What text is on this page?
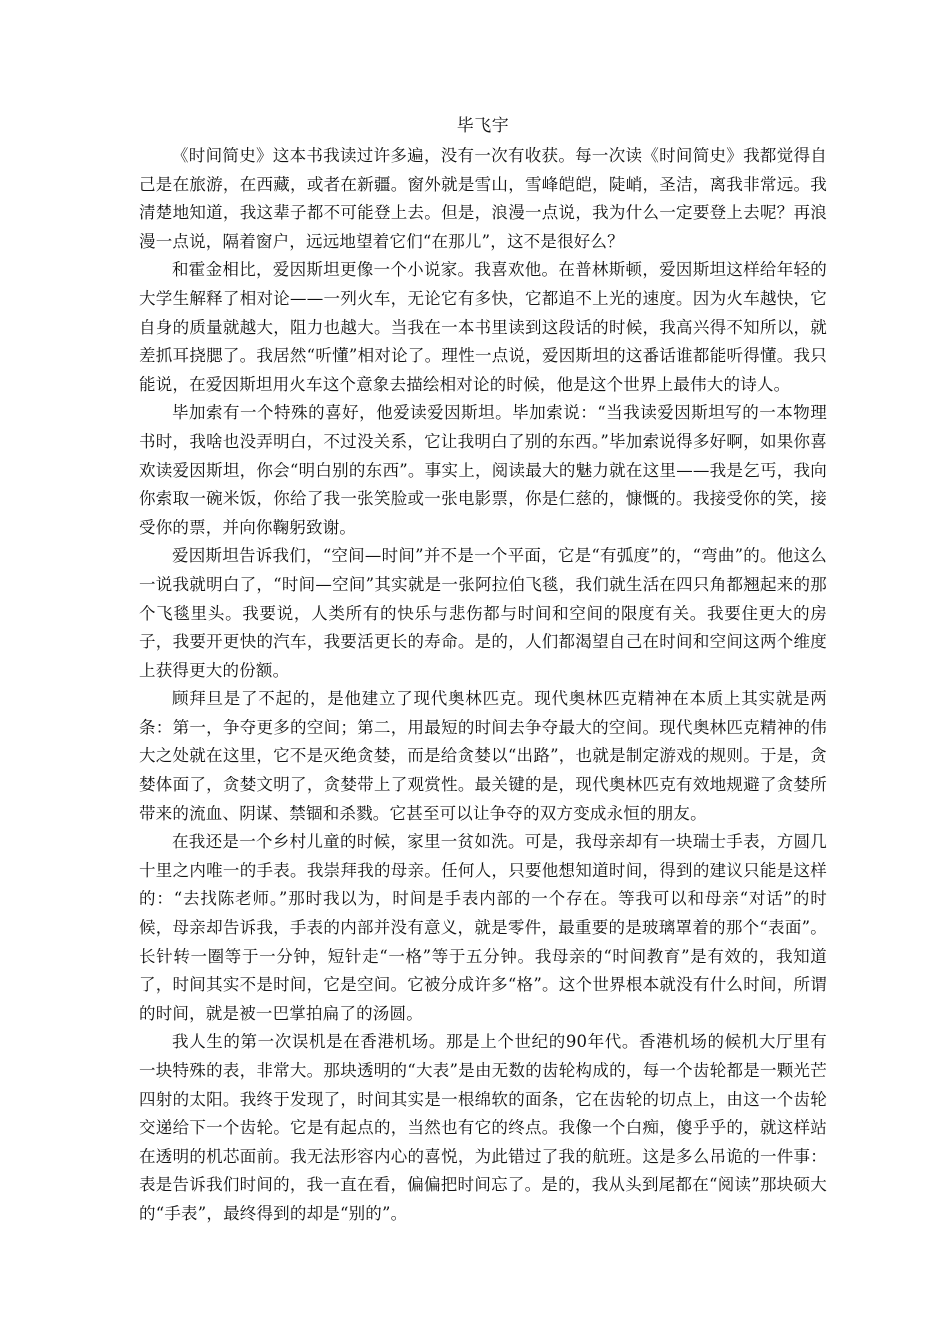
毕飞宇

《时间简史》这本书我读过许多遍，没有一次有收获。每一次读《时间简史》我都觉得自己是在旅游，在西藏，或者在新疆。窗外就是雪山，雪峰皑皑，陡峭，圣洁，离我非常远。我清楚地知道，我这辈子都不可能登上去。但是，浪漫一点说，我为什么一定要登上去呢？再浪漫一点说，隔着窗户，远远地望着它们“在那儿”，这不是很好么？

和霍金相比，爱因斯坦更像一个小说家。我喜欢他。在普林斯顿，爱因斯坦这样给年轻的大学生解释了相对论——一列火车，无论它有多快，它都追不上光的速度。因为火车越快，它自身的质量就越大，阻力也越大。当我在一本书里读到这段话的时候，我高兴得不知所以，就差抓耳挠腮了。我居然“听懂”相对论了。理性一点说，爱因斯坦的这番话谁都能听得懂。我只能说，在爱因斯坦用火车这个意象去描绘相对论的时候，他是这个世界上最伟大的诗人。

毕加索有一个特殊的喜好，他爱读爱因斯坦。毕加索说：“当我读爱因斯坦写的一本物理书时，我啥也没弄明白，不过没关系，它让我明白了别的东西。”毕加索说得多好啊，如果你喜欢读爱因斯坦，你会“明白别的东西”。事实上，阅读最大的魅力就在这里——我是乞丐，我向你索取一碗米饭，你给了我一张笑脸或一张电影票，你是仁慈的，慷慨的。我接受你的笑，接受你的票，并向你鞠躬致谢。

爱因斯坦告诉我们，“空间—时间”并不是一个平面，它是“有弧度”的，“弯曲”的。他这么一说我就明白了，“时间—空间”其实就是一张阿拉伯飞毯，我们就生活在四只角都翘起来的那个飞毯里头。我要说，人类所有的快乐与悲伤都与时间和空间的限度有关。我要住更大的房子，我要开更快的汽车，我要活更长的寿命。是的，人们都渴望自己在时间和空间这两个维度上获得更大的份额。

顾拜旦是了不起的，是他建立了现代奥林匹克。现代奥林匹克精神在本质上其实就是两条：第一，争夺更多的空间；第二，用最短的时间去争夺最大的空间。现代奥林匹克精神的伟大之处就在这里，它不是灭绝贪婪，而是给贪婪以“出路”，也就是制定游戏的规则。于是，贪婪体面了，贪婪文明了，贪婪带上了观赏性。最关键的是，现代奥林匹克有效地规避了贪婪所带来的流血、阴谋、禁锢和杀戮。它甚至可以让争夺的双方变成永恒的朋友。

在我还是一个乡村儿童的时候，家里一贫如洗。可是，我母亲却有一块瑞士手表，方圆几十里之内唯一的手表。我崇拜我的母亲。任何人，只要他想知道时间，得到的建议只能是这样的：“去找陈老师。”那时我以为，时间是手表内部的一个存在。等我可以和母亲“对话”的时候，母亲却告诉我，手表的内部并没有意义，就是零件，最重要的是玻璃罩着的那个“表面”。长针转一圈等于一分钟，短针走“一格”等于五分钟。我母亲的“时间教育”是有效的，我知道了，时间其实不是时间，它是空间。它被分成许多“格”。这个世界根本就没有什么时间，所谓的时间，就是被一巴掌拍扁了的汤圆。

我人生的第一次误机是在香港机场。那是上个世纪的90年代。香港机场的候机大厅里有一块特殊的表，非常大。那块透明的“大表”是由无数的齿轮构成的，每一个齿轮都是一颗光芒四射的太阳。我终于发现了，时间其实是一根绵软的面条，它在齿轮的切点上，由这一个齿轮交递给下一个齿轮。它是有起点的，当然也有它的终点。我像一个白痴，傻乎乎的，就这样站在透明的机芯面前。我无法形容内心的喜悦，为此错过了我的航班。这是多么吊诡的一件事：表是告诉我们时间的，我一直在看，偏偏把时间忘了。是的，我从头到尾都在“阅读”那块硕大的“手表”，最终得到的却是“别的”。
